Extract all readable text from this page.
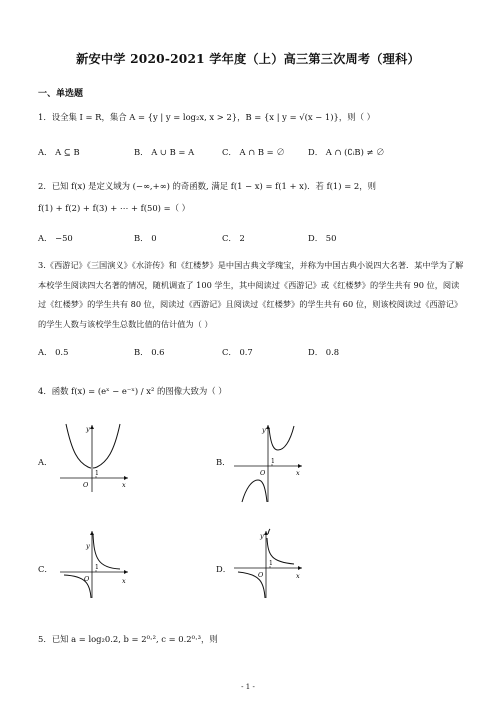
新安中学 2020-2021 学年度（上）高三第三次周考（理科）
一、单选题
1．设全集 I = R，集合 A = {y | y = log₂x, x > 2}，B = {x | y = √(x − 1)}，则（ ）
A． A ⊆ B	B． A ∪ B = A	C． A ∩ B = ∅	D． A ∩ (∁ᵢB) ≠ ∅
2．已知 f(x) 是定义域为 (−∞,+∞) 的奇函数, 满足 f(1 − x) = f(1 + x)．若 f(1) = 2，则
f(1) + f(2) + f(3) + ⋯ + f(50) =（ ）
A． −50	B． 0	C． 2	D． 50
3.《西游记》《三国演义》《水浒传》和《红楼梦》是中国古典文学瑰宝，并称为中国古典小说四大名著．某中学为了解本校学生阅读四大名著的情况，随机调查了 100 学生，其中阅读过《西游记》或《红楼梦》的学生共有 90 位，阅读过《红楼梦》的学生共有 80 位，阅读过《西游记》且阅读过《红楼梦》的学生共有 60 位，则该校阅读过《西游记》的学生人数与该校学生总数比值的估计值为（ ）
A． 0.5	B． 0.6	C． 0.7	D． 0.8
4．函数 f(x) = (eˣ − e⁻ˣ) / x² 的图像大致为（ ）
A．	B．
C．	D．
O
1
x
y
O
1
x
y
O
1
x
y
O
1
x
y
5．已知 a = log₂0.2, b = 2⁰·², c = 0.2⁰·³，则
- 1 -
